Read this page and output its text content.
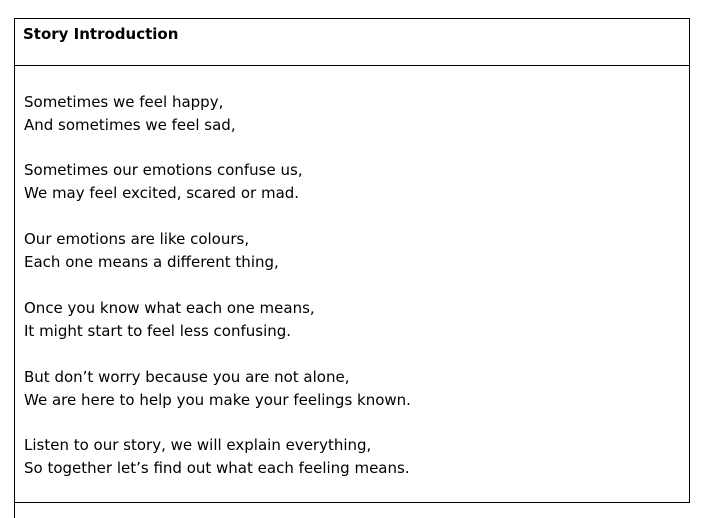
Story Introduction
Sometimes we feel happy,
And sometimes we feel sad,
Sometimes our emotions confuse us,
We may feel excited, scared or mad.
Our emotions are like colours,
Each one means a different thing,
Once you know what each one means,
It might start to feel less confusing.
But don’t worry because you are not alone,
We are here to help you make your feelings known.
Listen to our story, we will explain everything,
So together let’s find out what each feeling means.
